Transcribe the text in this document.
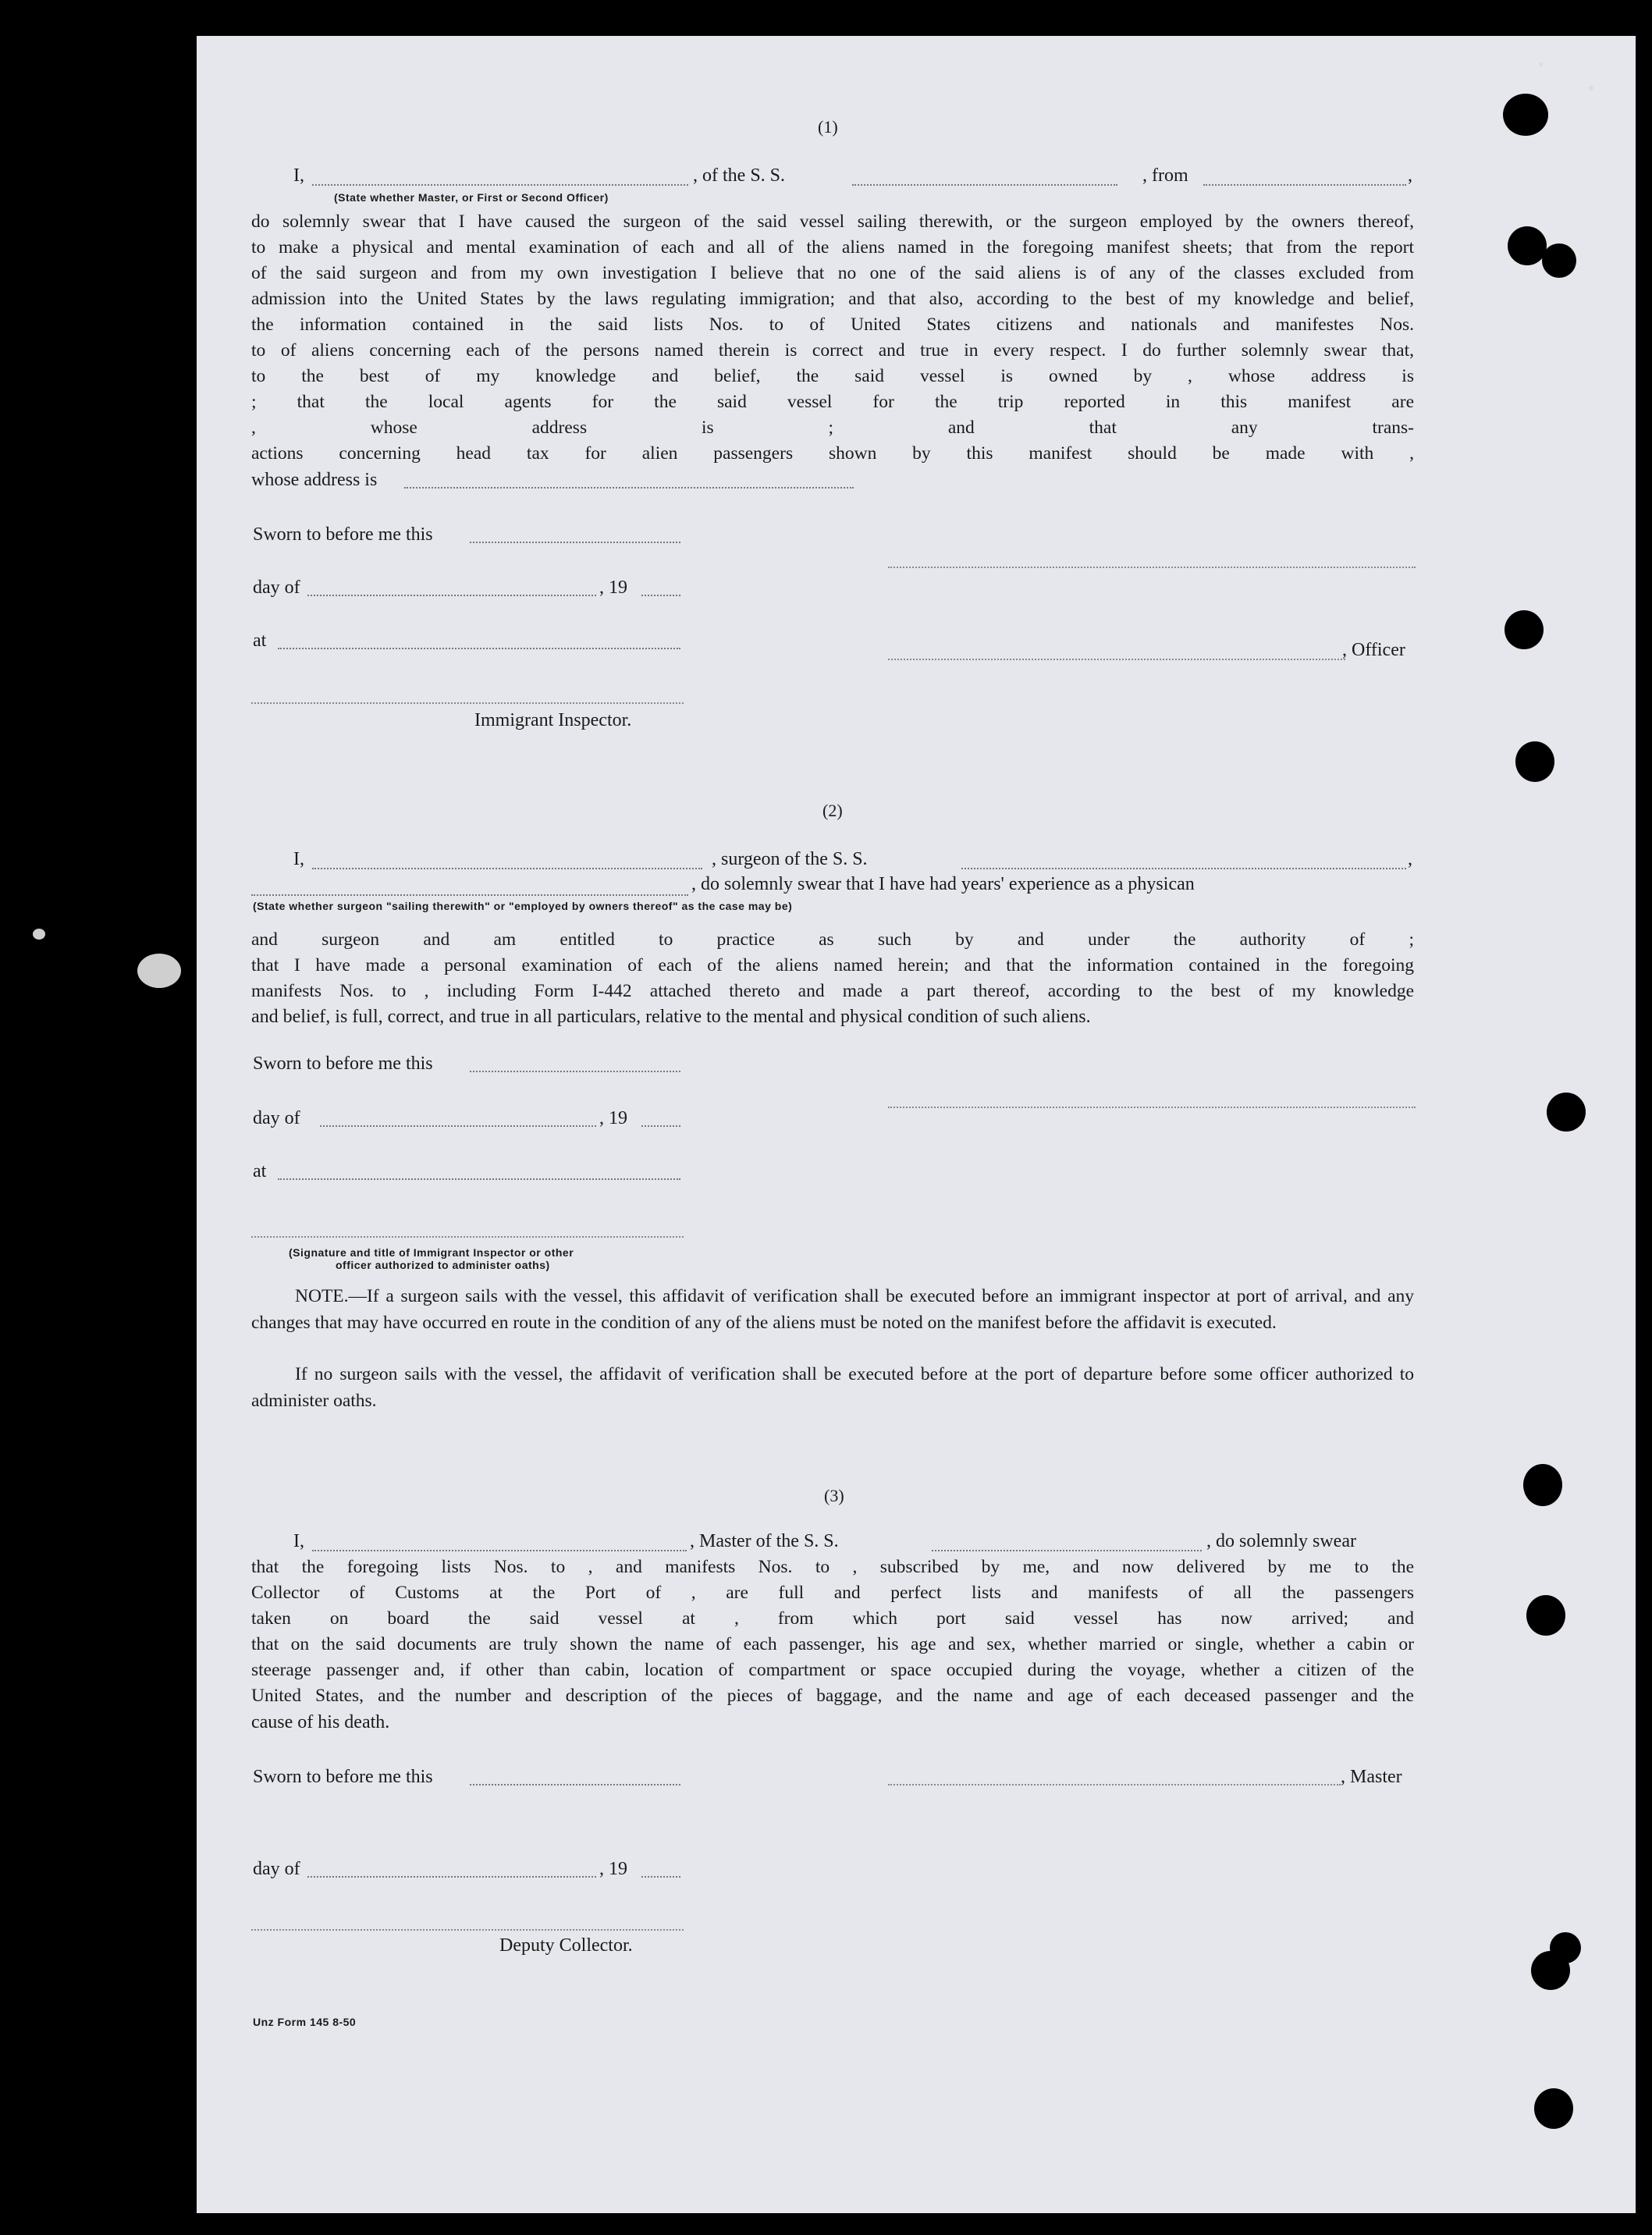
(1)
I,	, of the S. S.	, from	,
(State whether Master, or First or Second Officer)
do solemnly swear that I have caused the surgeon of the said vessel sailing therewith, or the surgeon employed by the owners thereof,
to make a physical and mental examination of each and all of the aliens named in the foregoing manifest sheets; that from the report
of the said surgeon and from my own investigation I believe that no one of the said aliens is of any of the classes excluded from
admission into the United States by the laws regulating immigration; and that also, according to the best of my knowledge and belief,
the information contained in the said lists Nos. to of United States citizens and nationals and manifestes Nos.
to of aliens concerning each of the persons named therein is correct and true in every respect. I do further solemnly swear that,
to the best of my knowledge and belief, the said vessel is owned by , whose address is
; that the local agents for the said vessel for the trip reported in this manifest are
, whose address is ; and that any trans-
actions concerning head tax for alien passengers shown by this manifest should be made with ,
whose address is
Sworn to before me this
day of	, 19
at	, Officer
Immigrant Inspector.
(2)
I,	, surgeon of the S. S.	,
, do solemnly swear that I have had years' experience as a physican
(State whether surgeon "sailing therewith" or "employed by owners thereof" as the case may be)
and surgeon and am entitled to practice as such by and under the authority of ;
that I have made a personal examination of each of the aliens named herein; and that the information contained in the foregoing
manifests Nos. to , including Form I-442 attached thereto and made a part thereof, according to the best of my knowledge
and belief, is full, correct, and true in all particulars, relative to the mental and physical condition of such aliens.
Sworn to before me this
day of	, 19
at
(Signature and title of Immigrant Inspector or other
officer authorized to administer oaths)
NOTE.—If a surgeon sails with the vessel, this affidavit of verification shall be executed before an immigrant inspector at port of arrival, and any changes that may have occurred en route in the condition of any of the aliens must be noted on the manifest before the affidavit is executed.
If no surgeon sails with the vessel, the affidavit of verification shall be executed before at the port of departure before some officer authorized to administer oaths.
(3)
I,	, Master of the S. S.	, do solemnly swear
that the foregoing lists Nos. to , and manifests Nos. to , subscribed by me, and now delivered by me to the
Collector of Customs at the Port of , are full and perfect lists and manifests of all the passengers
taken on board the said vessel at , from which port said vessel has now arrived; and
that on the said documents are truly shown the name of each passenger, his age and sex, whether married or single, whether a cabin or
steerage passenger and, if other than cabin, location of compartment or space occupied during the voyage, whether a citizen of the
United States, and the number and description of the pieces of baggage, and the name and age of each deceased passenger and the
cause of his death.
Sworn to before me this	, Master
day of	, 19
Deputy Collector.
Unz Form 145 8-50
